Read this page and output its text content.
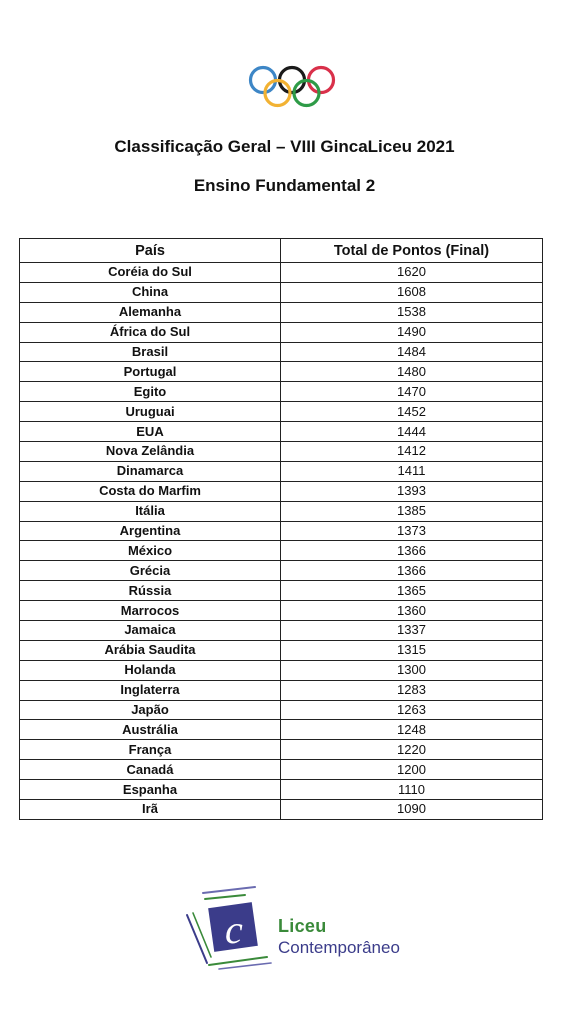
Classificação Geral – VIII GincaLiceu 2021
Ensino Fundamental 2
País	Total de Pontos (Final)
Coréia do Sul	1620
China	1608
Alemanha	1538
África do Sul	1490
Brasil	1484
Portugal	1480
Egito	1470
Uruguai	1452
EUA	1444
Nova Zelândia	1412
Dinamarca	1411
Costa do Marfim	1393
Itália	1385
Argentina	1373
México	1366
Grécia	1366
Rússia	1365
Marrocos	1360
Jamaica	1337
Arábia Saudita	1315
Holanda	1300
Inglaterra	1283
Japão	1263
Austrália	1248
França	1220
Canadá	1200
Espanha	1110
Irã	1090
c Liceu
Contemporâneo
